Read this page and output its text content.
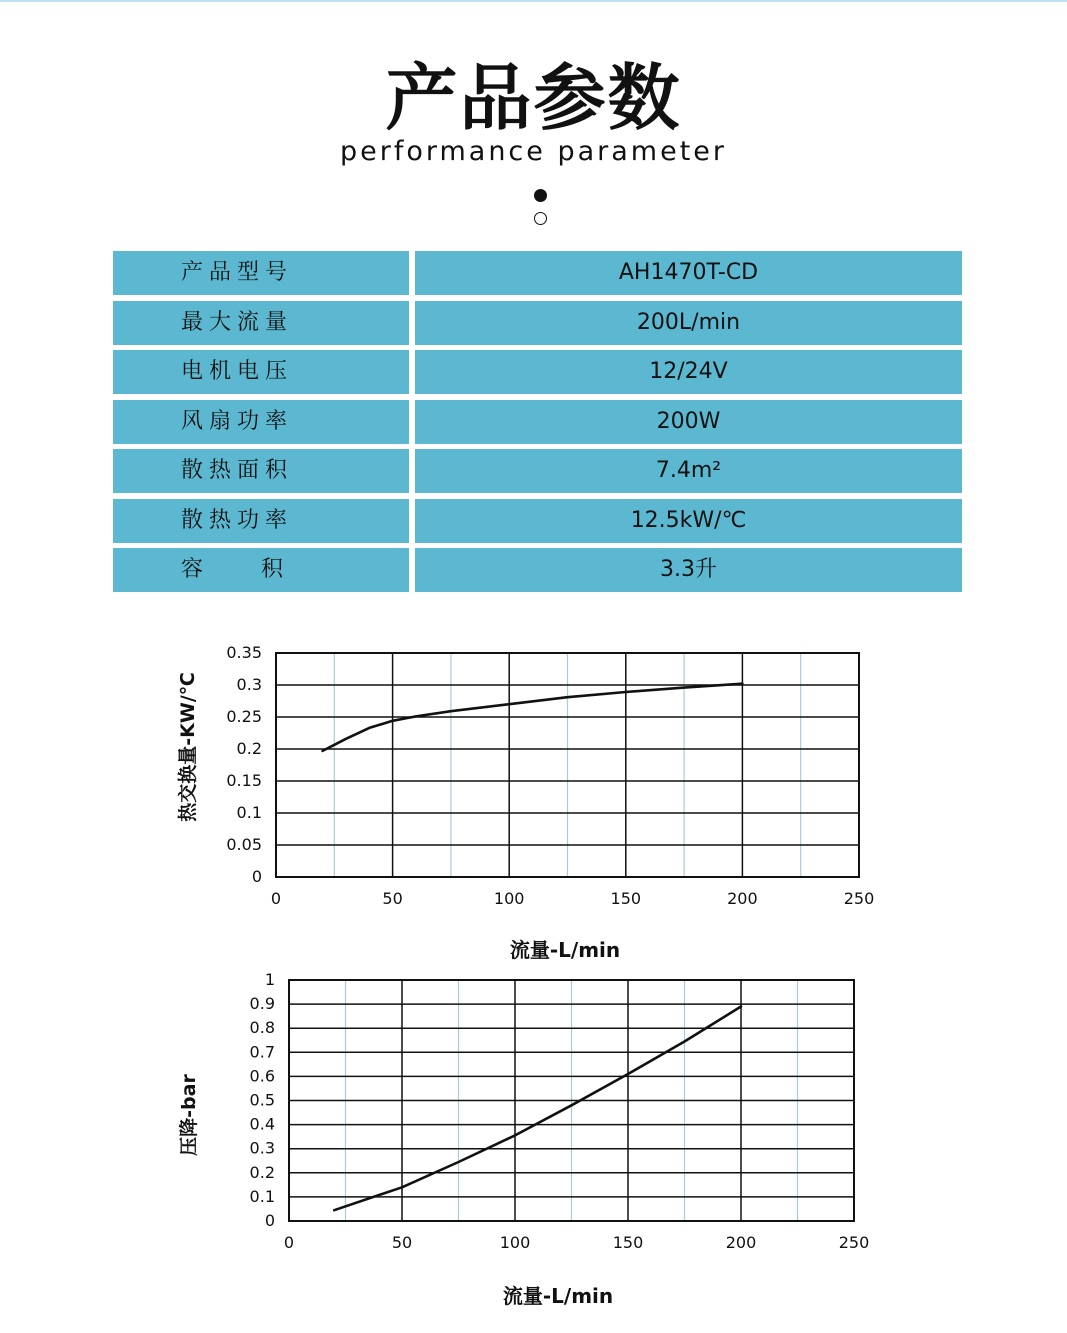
产品参数
performance parameter
产品型号	AH1470T-CD
最大流量	200L/min
电机电压	12/24V
风扇功率	200W
散热面积	7.4m²
散热功率	12.5kW/℃
容    积	3.3升
0	50	100	150	200	250
0
0.05
0.1
0.15
0.2
0.25
0.3
0.35
流量-L/min
热交换量-KW/℃
0	50	100	150	200	250
0
0.1
0.2
0.3
0.4
0.5
0.6
0.7
0.8
0.9
1
流量-L/min
压降-bar
